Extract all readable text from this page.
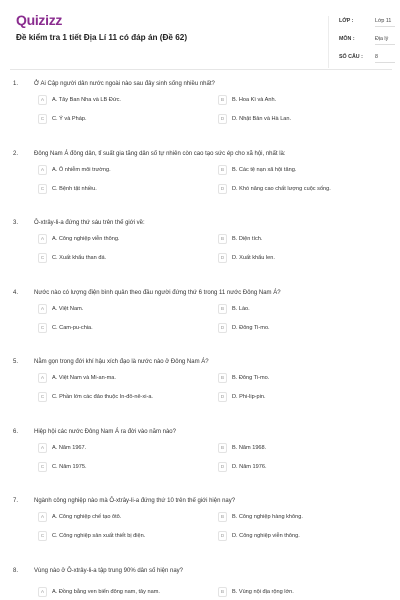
Quizizz
Đề kiểm tra 1 tiết Địa Lí 11 có đáp án (Đề 62)
LỚP :	Lớp 11
MÔN :	Địa lý
SỐ CÂU : 8
1.	Ở Ai Cập người dân nước ngoài nào sau đây sinh sống nhiều nhất?
A	A. Tây Ban Nha và LB Đức.	B	B. Hoa Kì và Anh.
C	C. Ý và Pháp.	D	D. Nhật Bản và Hà Lan.
2.	Đông Nam Á đông dân, tỉ suất gia tăng dân số tự nhiên còn cao tạo sức ép cho xã hội, nhất là:
A	A. Ô nhiễm môi trường.	B	B. Các tệ nạn xã hội tăng.
C	C. Bệnh tật nhiều.	D	D. Khó nâng cao chất lượng cuộc sống.
3.	Ô-xtrây-li-a đứng thứ sáu trên thế giới về:
A	A. Công nghiệp viễn thông.	B	B. Diện tích.
C	C. Xuất khẩu than đá.	D	D. Xuất khẩu len.
4.	Nước nào có lượng điện bình quân theo đầu người đứng thứ 6 trong 11 nước Đông Nam Á?
A	A. Việt Nam.	B	B. Lào.
C	C. Cam-pu-chia.	D	D. Đông Ti-mo.
5.	Nằm gọn trong đới khí hậu xích đạo là nước nào ở Đông Nam Á?
A	A. Việt Nam và Mi-an-ma.	B	B. Đông Ti-mo.
C	C. Phần lớn các đảo thuộc In-đô-nê-xi-a.	D	D. Phi-lip-pin.
6.	Hiệp hội các nước Đông Nam Á ra đời vào năm nào?
A	A. Năm 1967.	B	B. Năm 1968.
C	C. Năm 1975.	D	D. Năm 1976.
7.	Ngành công nghiệp nào mà Ô-xtrây-li-a đứng thứ 10 trên thế giới hiện nay?
A	A. Công nghiệp chế tạo ôtô.	B	B. Công nghiệp hàng không.
C	C. Công nghiệp sản xuất thiết bị điện.	D	D. Công nghiệp viễn thông.
8.	Vùng nào ở Ô-xtrây-li-a tập trung 90% dân số hiện nay?
A	A. Đồng bằng ven biển đông nam, tây nam.	B	B. Vùng nội địa rộng lớn.
